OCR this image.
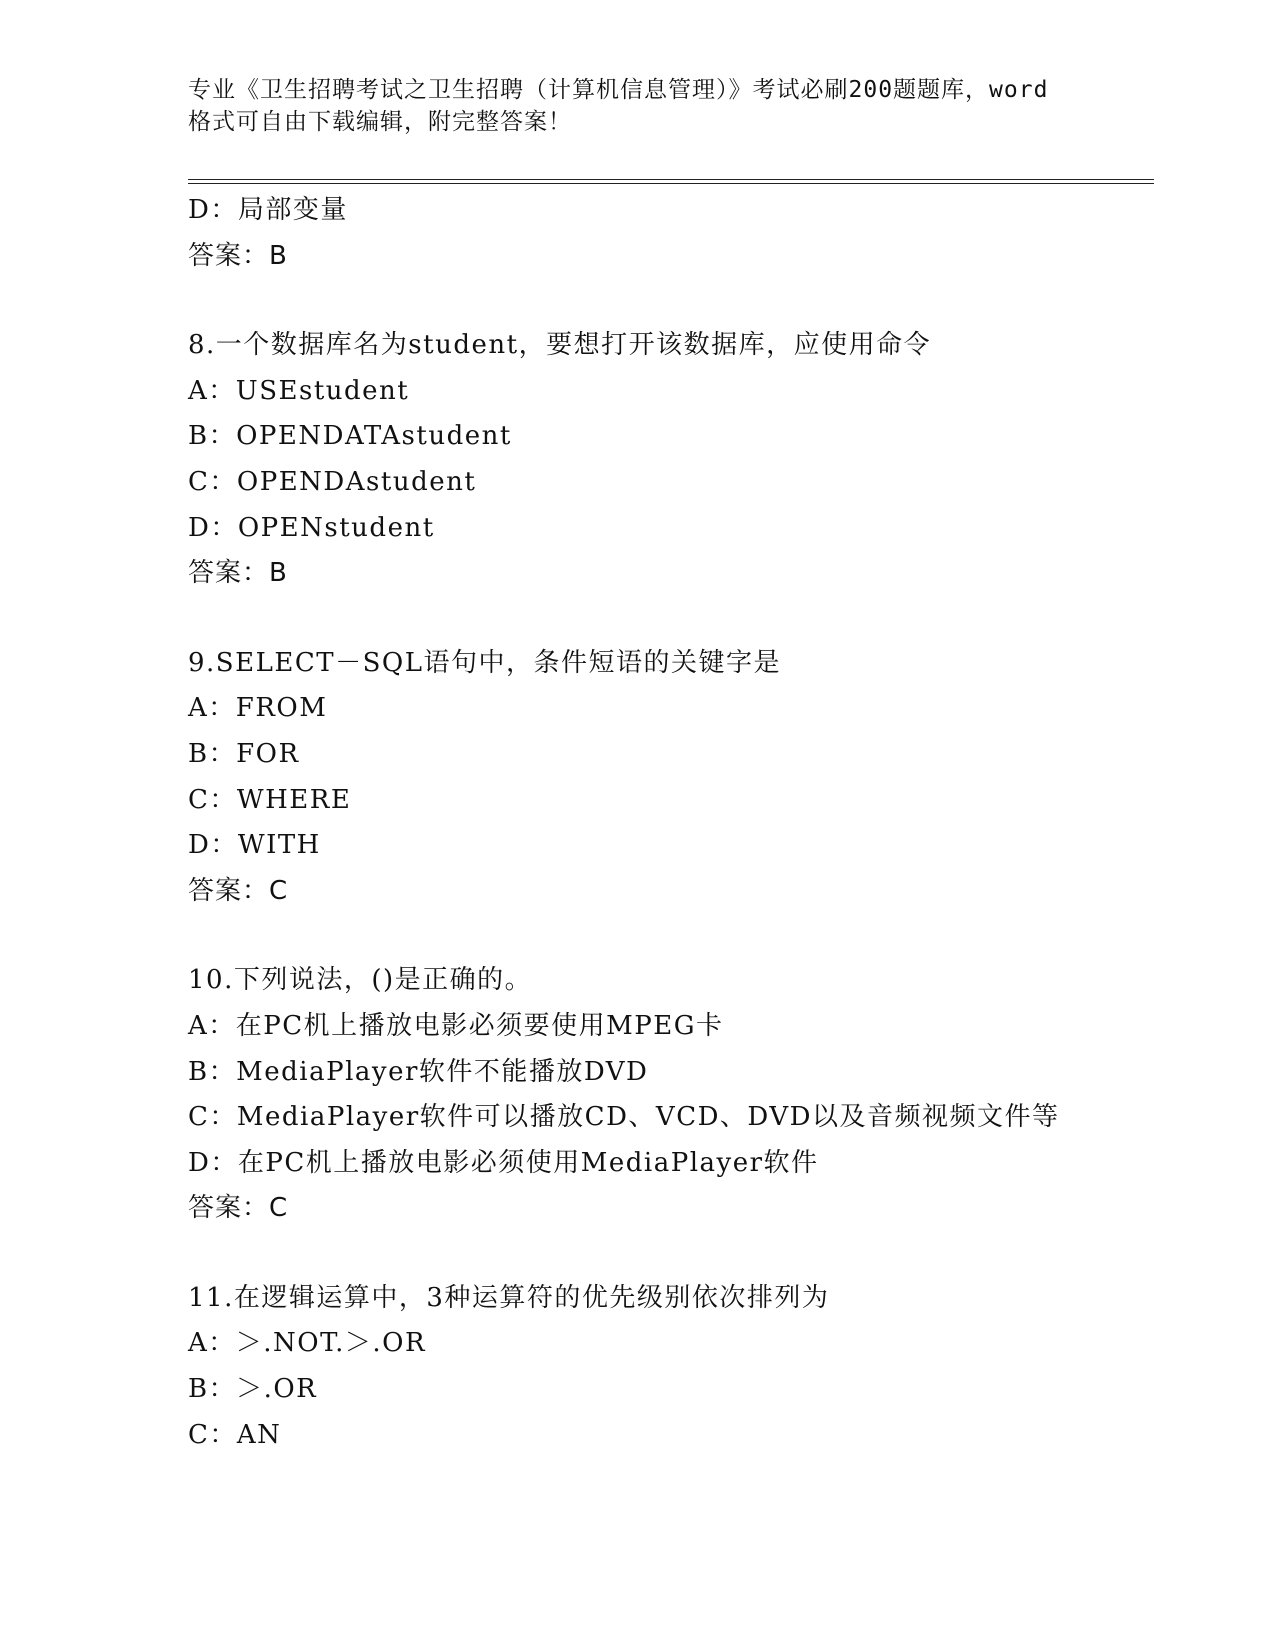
专业《卫生招聘考试之卫生招聘（计算机信息管理）》考试必刷200题题库，word
格式可自由下载编辑，附完整答案！
D：局部变量
答案：B
8.一个数据库名为student，要想打开该数据库，应使用命令
A：USEstudent
B：OPENDATAstudent
C：OPENDAstudent
D：OPENstudent
答案：B
9.SELECT－SQL语句中，条件短语的关键字是
A：FROM
B：FOR
C：WHERE
D：WITH
答案：C
10.下列说法，()是正确的。
A：在PC机上播放电影必须要使用MPEG卡
B：MediaPlayer软件不能播放DVD
C：MediaPlayer软件可以播放CD、VCD、DVD以及音频视频文件等
D：在PC机上播放电影必须使用MediaPlayer软件
答案：C
11.在逻辑运算中，3种运算符的优先级别依次排列为
A：＞.NOT.＞.OR
B：＞.OR
C：AN
